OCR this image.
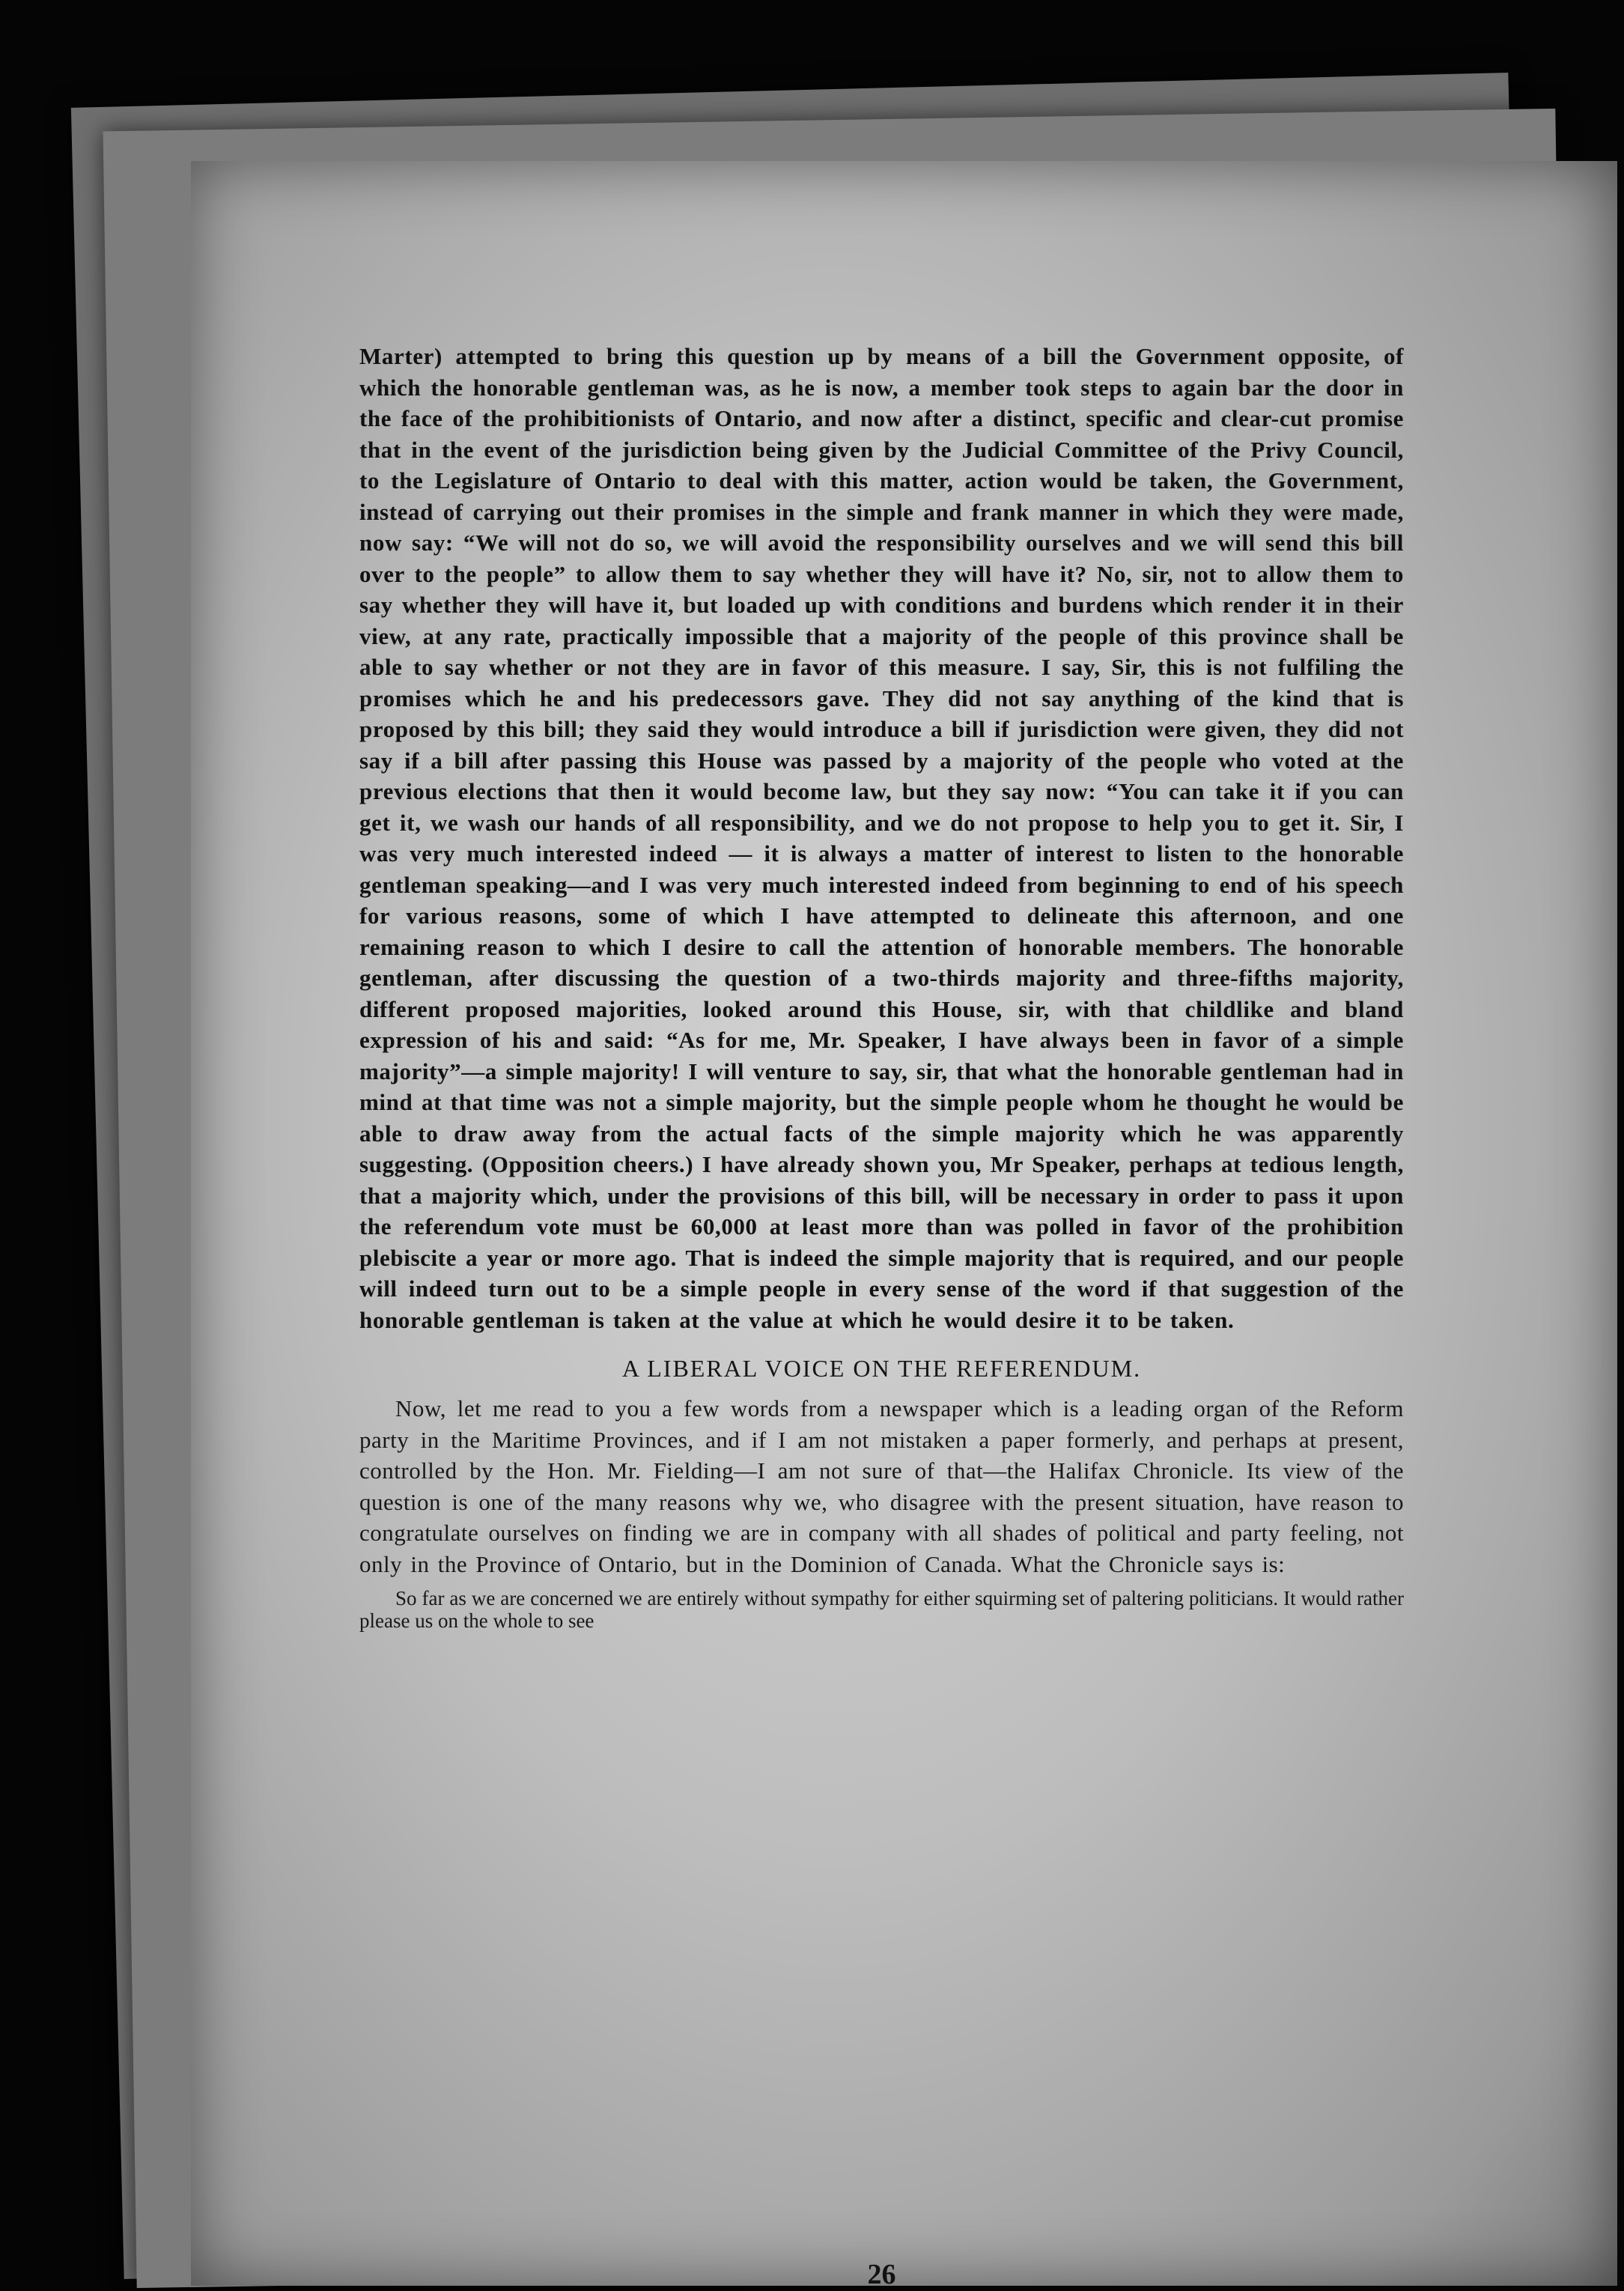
Marter) attempted to bring this question up by means of a bill the Government opposite, of which the honorable gentleman was, as he is now, a member took steps to again bar the door in the face of the prohibitionists of Ontario, and now after a distinct, specific and clear-cut promise that in the event of the jurisdiction being given by the Judicial Committee of the Privy Council, to the Legislature of Ontario to deal with this matter, action would be taken, the Government, instead of carrying out their promises in the simple and frank manner in which they were made, now say: “We will not do so, we will avoid the responsibility ourselves and we will send this bill over to the people” to allow them to say whether they will have it? No, sir, not to allow them to say whether they will have it, but loaded up with conditions and burdens which render it in their view, at any rate, practically impossible that a majority of the people of this province shall be able to say whether or not they are in favor of this measure. I say, Sir, this is not fulfiling the promises which he and his predecessors gave. They did not say anything of the kind that is proposed by this bill; they said they would introduce a bill if jurisdiction were given, they did not say if a bill after passing this House was passed by a majority of the people who voted at the previous elections that then it would become law, but they say now: “You can take it if you can get it, we wash our hands of all responsibility, and we do not propose to help you to get it. Sir, I was very much interested indeed — it is always a matter of interest to listen to the honorable gentleman speaking—and I was very much interested indeed from beginning to end of his speech for various reasons, some of which I have attempted to delineate this afternoon, and one remaining reason to which I desire to call the attention of honorable members. The honorable gentleman, after discussing the question of a two-thirds majority and three-fifths majority, different proposed majorities, looked around this House, sir, with that childlike and bland expression of his and said: “As for me, Mr. Speaker, I have always been in favor of a simple majority”—a simple majority! I will venture to say, sir, that what the honorable gentleman had in mind at that time was not a simple majority, but the simple people whom he thought he would be able to draw away from the actual facts of the simple majority which he was apparently suggesting. (Opposition cheers.) I have already shown you, Mr Speaker, perhaps at tedious length, that a majority which, under the provisions of this bill, will be necessary in order to pass it upon the referendum vote must be 60,000 at least more than was polled in favor of the prohibition plebiscite a year or more ago. That is indeed the simple majority that is required, and our people will indeed turn out to be a simple people in every sense of the word if that suggestion of the honorable gentleman is taken at the value at which he would desire it to be taken.

A LIBERAL VOICE ON THE REFERENDUM.

Now, let me read to you a few words from a newspaper which is a leading organ of the Reform party in the Maritime Provinces, and if I am not mistaken a paper formerly, and perhaps at present, controlled by the Hon. Mr. Fielding—I am not sure of that—the Halifax Chronicle. Its view of the question is one of the many reasons why we, who disagree with the present situation, have reason to congratulate ourselves on finding we are in company with all shades of political and party feeling, not only in the Province of Ontario, but in the Dominion of Canada. What the Chronicle says is:

So far as we are concerned we are entirely without sympathy for either squirming set of paltering politicians. It would rather please us on the whole to see

26
